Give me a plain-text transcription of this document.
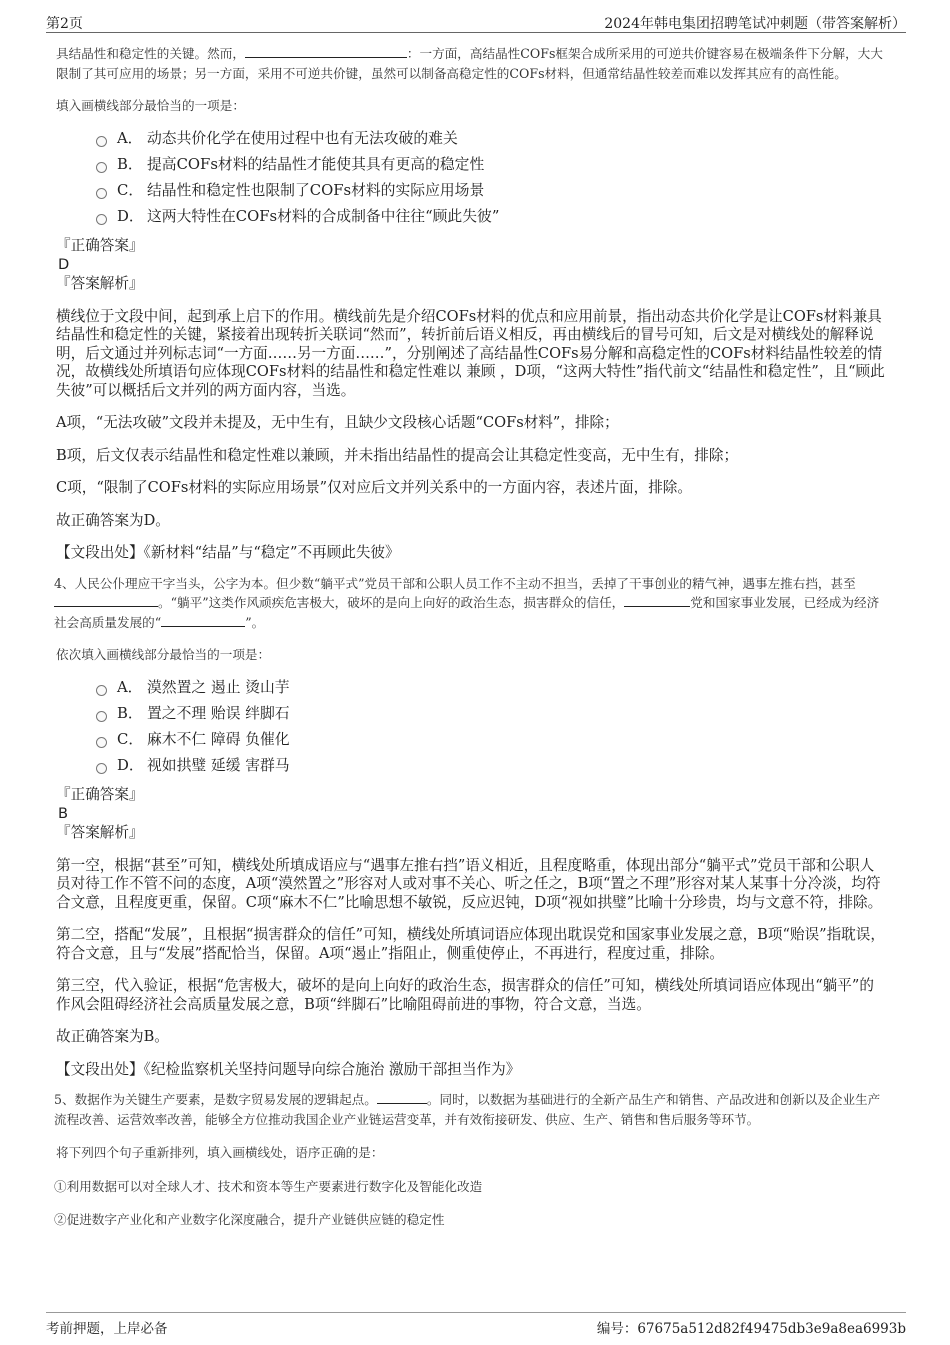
第2页	2024年韩电集团招聘笔试冲刺题（带答案解析）

具结晶性和稳定性的关键。然而，	：一方面，高结晶性COFs框架合成所采用的可逆共价键容易在极端条件下分解，大大限制了其可应用的场景；另一方面，采用不可逆共价键，虽然可以制备高稳定性的COFs材料，但通常结晶性较差而难以发挥其应有的高性能。

填入画横线部分最恰当的一项是：

A． 动态共价化学在使用过程中也有无法攻破的难关
B． 提高COFs材料的结晶性才能使其具有更高的稳定性
C． 结晶性和稳定性也限制了COFs材料的实际应用场景
D． 这两大特性在COFs材料的合成制备中往往“顾此失彼”

『正确答案』

D

『答案解析』

横线位于文段中间，起到承上启下的作用。横线前先是介绍COFs材料的优点和应用前景，指出动态共价化学是让COFs材料兼具结晶性和稳定性的关键，紧接着出现转折关联词“然而”，转折前后语义相反，再由横线后的冒号可知，后文是对横线处的解释说明，后文通过并列标志词“一方面……另一方面……”，分别阐述了高结晶性COFs易分解和高稳定性的COFs材料结晶性较差的情况，故横线处所填语句应体现COFs材料的结晶性和稳定性难以 兼顾 ，D项，“这两大特性”指代前文“结晶性和稳定性”，且“顾此失彼”可以概括后文并列的两方面内容，当选。

A项，“无法攻破”文段并未提及，无中生有，且缺少文段核心话题“COFs材料”，排除；

B项，后文仅表示结晶性和稳定性难以兼顾，并未指出结晶性的提高会让其稳定性变高，无中生有，排除；

C项，“限制了COFs材料的实际应用场景”仅对应后文并列关系中的一方面内容，表述片面，排除。

故正确答案为D。

【文段出处】《新材料“结晶”与“稳定”不再顾此失彼》

4、人民公仆理应干字当头，公字为本。但少数“躺平式”党员干部和公职人员工作不主动不担当，丢掉了干事创业的精气神，遇事左推右挡，甚至。“躺平”这类作风顽疾危害极大，破坏的是向上向好的政治生态，损害群众的信任，	党和国家事业发展，已经成为经济社会高质量发展的“	”。

依次填入画横线部分最恰当的一项是：

A． 漠然置之 遏止 烫山芋
B． 置之不理 贻误 绊脚石
C． 麻木不仁 障碍 负催化
D． 视如拱璧 延缓 害群马

『正确答案』

B

『答案解析』

第一空，根据“甚至”可知，横线处所填成语应与“遇事左推右挡”语义相近，且程度略重，体现出部分“躺平式”党员干部和公职人员对待工作不管不问的态度，A项“漠然置之”形容对人或对事不关心、听之任之，B项“置之不理”形容对某人某事十分冷淡，均符合文意，且程度更重，保留。C项“麻木不仁”比喻思想不敏锐，反应迟钝，D项“视如拱璧”比喻十分珍贵，均与文意不符，排除。

第二空，搭配“发展”，且根据“损害群众的信任”可知，横线处所填词语应体现出耽误党和国家事业发展之意，B项“贻误”指耽误，符合文意，且与“发展”搭配恰当，保留。A项“遏止”指阻止，侧重使停止，不再进行，程度过重，排除。

第三空，代入验证，根据“危害极大，破坏的是向上向好的政治生态，损害群众的信任”可知，横线处所填词语应体现出“躺平”的作风会阻碍经济社会高质量发展之意，B项“绊脚石”比喻阻碍前进的事物，符合文意，当选。

故正确答案为B。

【文段出处】《纪检监察机关坚持问题导向综合施治 激励干部担当作为》

5、数据作为关键生产要素，是数字贸易发展的逻辑起点。	。同时，以数据为基础进行的全新产品生产和销售、产品改进和创新以及企业生产流程改善、运营效率改善，能够全方位推动我国企业产业链运营变革，并有效衔接研发、供应、生产、销售和售后服务等环节。

将下列四个句子重新排列，填入画横线处，语序正确的是：

①利用数据可以对全球人才、技术和资本等生产要素进行数字化及智能化改造

②促进数字产业化和产业数字化深度融合，提升产业链供应链的稳定性

考前押题，上岸必备	编号：67675a512d82f49475db3e9a8ea6993b
